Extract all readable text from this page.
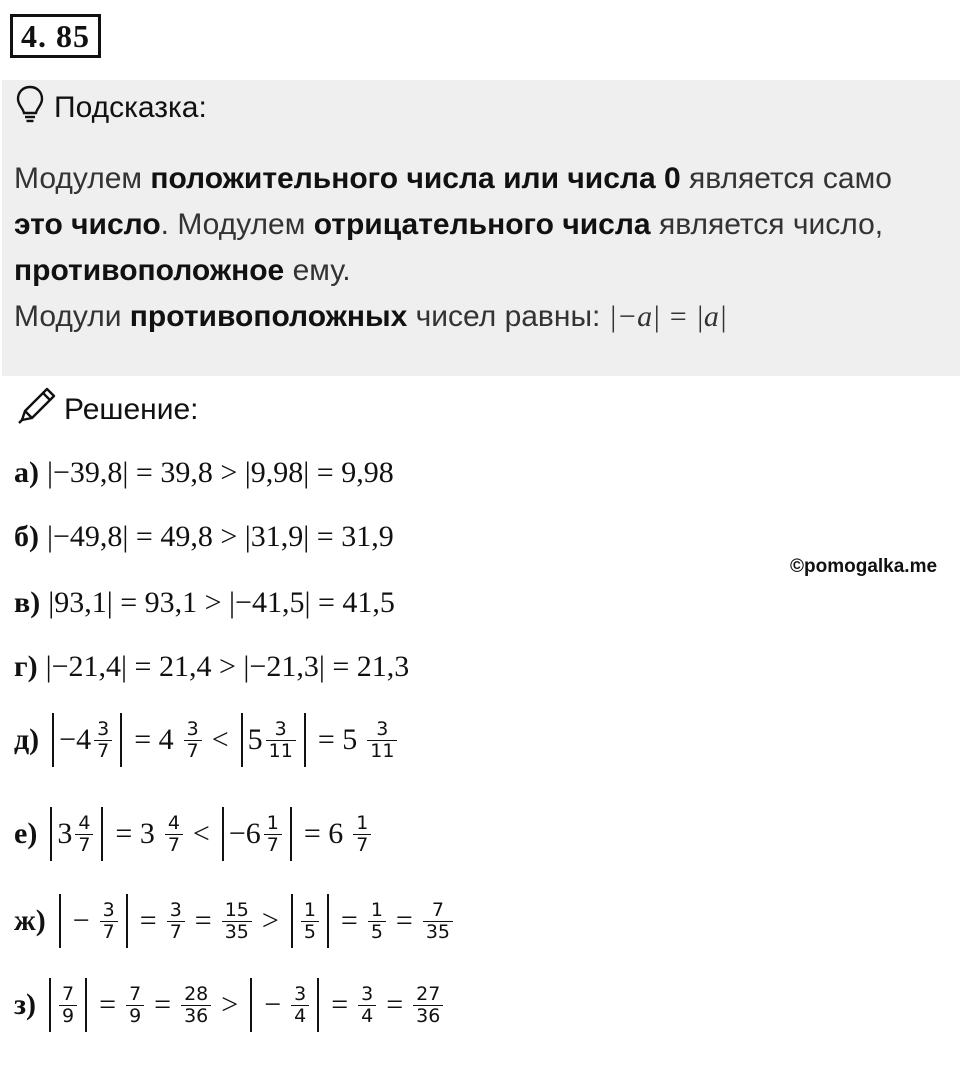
4. 85
Подсказка:
Модулем положительного числа или числа 0 является само
это число. Модулем отрицательного числа является число,
противоположное ему.
Модули противоположных чисел равны: |−a| = |a|
Решение:
а) |−39,8| = 39,8 > |9,98| = 9,98
б) |−49,8| = 49,8 > |31,9| = 31,9
в) |93,1| = 93,1 > |−41,5| = 41,5
г) |−21,4| = 21,4 > |−21,3| = 21,3
©pomogalka.me
$д) -4 \frac{3}{7} = 4 \frac{3}{7} < 5 \frac{3}{11} = 5 \frac{3}{11}$
е) $3 \frac{4}{7} = 3 \frac{4}{7} < -6 \frac{1}{7} = 6 \frac{1}{7}$
$ж) - \frac{3}{7} = \frac{3}{7} = \frac{15}{35} > \frac{1}{5} = \frac{1}{5} = \frac{7}{35}$
$з) \frac{7}{9} = \frac{7}{9} = \frac{28}{36}$ > − $\frac{3}{4} = \frac{3}{4} = \frac{27}{36}$
